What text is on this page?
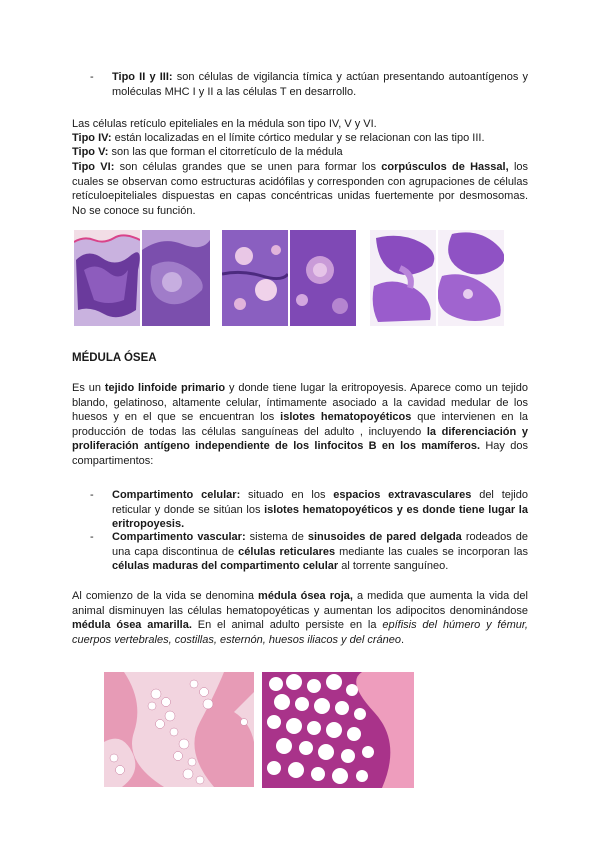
- Tipo II y III: son células de vigilancia tímica y actúan presentando autoantígenos y moléculas MHC I y II a las células T en desarrollo.
Las células retículo epiteliales en la médula son tipo IV, V y VI.
Tipo IV: están localizadas en el límite córtico medular y se relacionan con las tipo III.
Tipo V: son las que forman el citorretículo de la médula
Tipo VI: son células grandes que se unen para formar los corpúsculos de Hassal, los cuales se observan como estructuras acidófilas y corresponden con agrupaciones de células retículoepiteliales dispuestas en capas concéntricas unidas fuertemente por desmosomas. No se conoce su función.
MÉDULA ÓSEA
Es un tejido linfoide primario y donde tiene lugar la eritropoyesis. Aparece como un tejido blando, gelatinoso, altamente celular, íntimamente asociado a la cavidad medular de los huesos y en el que se encuentran los islotes hematopoyéticos que intervienen en la producción de todas las células sanguíneas del adulto , incluyendo la diferenciación y proliferación antígeno independiente de los linfocitos B en los mamíferos. Hay dos compartimentos:
- Compartimento celular: situado en los espacios extravasculares del tejido reticular y donde se sitúan los islotes hematopoyéticos y es donde tiene lugar la eritropoyesis.
- Compartimento vascular: sistema de sinusoides de pared delgada rodeados de una capa discontinua de células reticulares mediante las cuales se incorporan las células maduras del compartimento celular al torrente sanguíneo.
Al comienzo de la vida se denomina médula ósea roja, a medida que aumenta la vida del animal disminuyen las células hematopoyéticas y aumentan los adipocitos denominándose médula ósea amarilla. En el animal adulto persiste en la epífisis del húmero y fémur, cuerpos vertebrales, costillas, esternón, huesos iliacos y del cráneo.
